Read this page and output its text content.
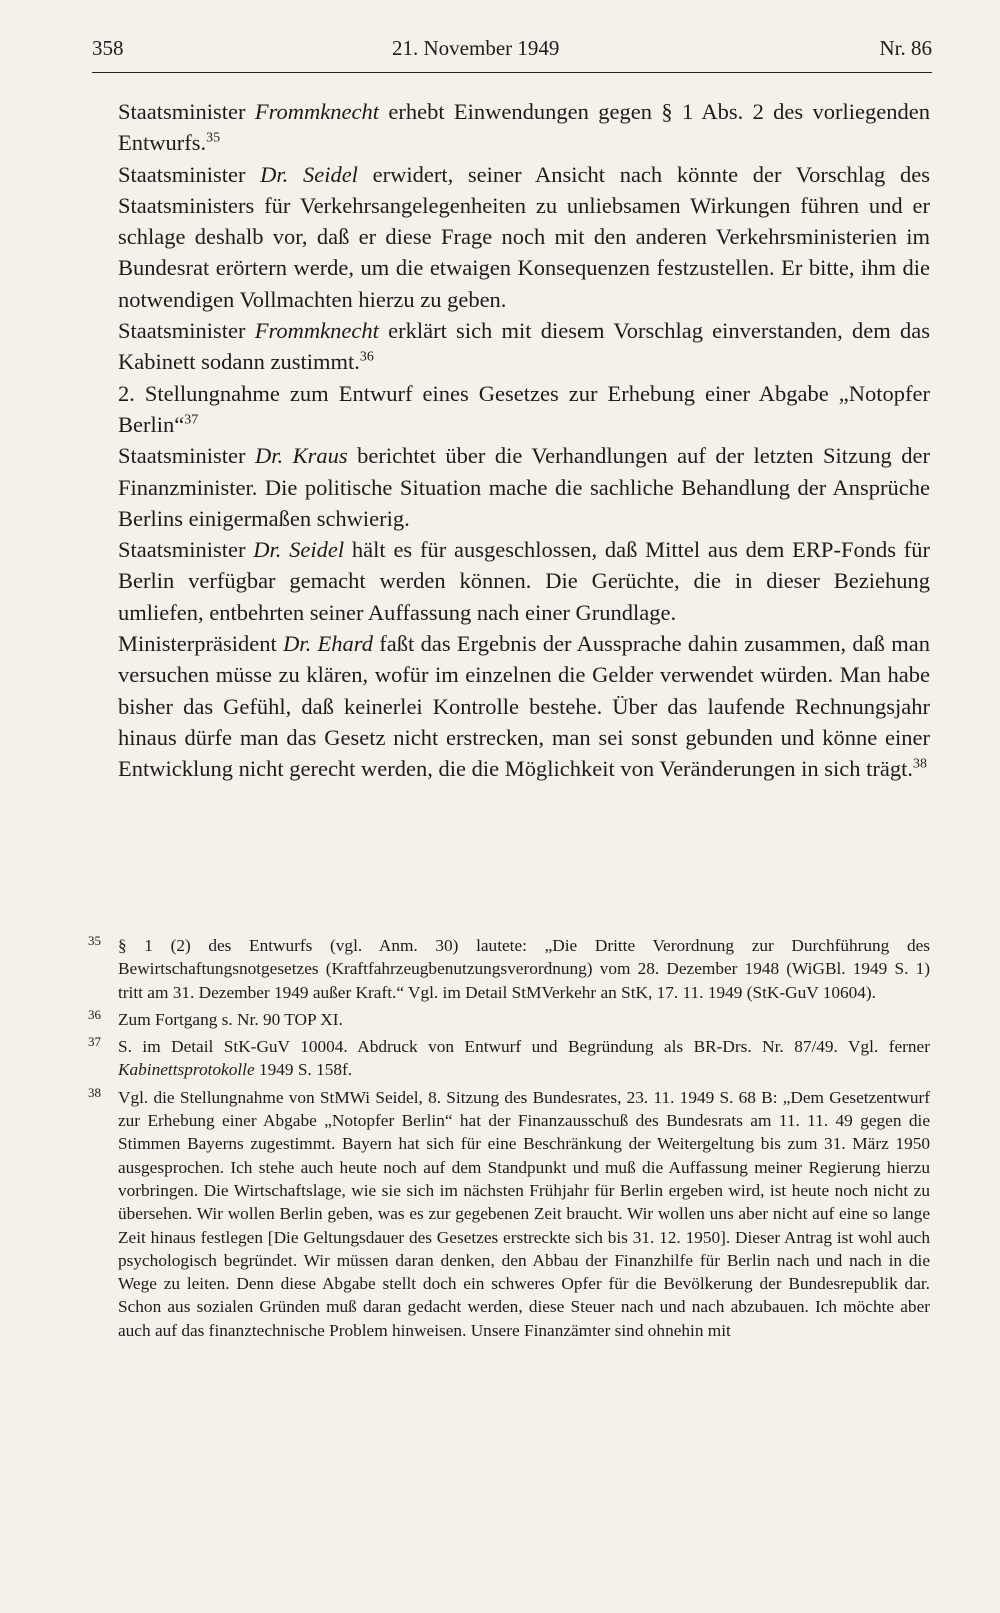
358	21. November 1949	Nr. 86

Staatsminister Frommknecht erhebt Einwendungen gegen § 1 Abs. 2 des vorliegenden Entwurfs.$^{35}$

Staatsminister Dr. Seidel erwidert, seiner Ansicht nach könnte der Vorschlag des Staatsministers für Verkehrsangelegenheiten zu unliebsamen Wirkungen führen und er schlage deshalb vor, daß er diese Frage noch mit den anderen Verkehrsministerien im Bundesrat erörtern werde, um die etwaigen Konsequenzen festzustellen. Er bitte, ihm die notwendigen Vollmachten hierzu zu geben.

Staatsminister Frommknecht erklärt sich mit diesem Vorschlag einverstanden, dem das Kabinett sodann zustimmt.$^{36}$

2. Stellungnahme zum Entwurf eines Gesetzes zur Erhebung einer Abgabe „Notopfer Berlin“$^{37}$

Staatsminister Dr. Kraus berichtet über die Verhandlungen auf der letzten Sitzung der Finanzminister. Die politische Situation mache die sachliche Behandlung der Ansprüche Berlins einigermaßen schwierig.

Staatsminister Dr. Seidel hält es für ausgeschlossen, daß Mittel aus dem ERP-Fonds für Berlin verfügbar gemacht werden können. Die Gerüchte, die in dieser Beziehung umliefen, entbehrten seiner Auffassung nach einer Grundlage.

Ministerpräsident Dr. Ehard faßt das Ergebnis der Aussprache dahin zusammen, daß man versuchen müsse zu klären, wofür im einzelnen die Gelder verwendet würden. Man habe bisher das Gefühl, daß keinerlei Kontrolle bestehe. Über das laufende Rechnungsjahr hinaus dürfe man das Gesetz nicht erstrecken, man sei sonst gebunden und könne einer Entwicklung nicht gerecht werden, die die Möglichkeit von Veränderungen in sich trägt.$^{38}$

35 § 1 (2) des Entwurfs (vgl. Anm. 30) lautete: „Die Dritte Verordnung zur Durchführung des Bewirtschaftungsnotgesetzes (Kraftfahrzeugbenutzungsverordnung) vom 28. Dezember 1948 (WiGBl. 1949 S. 1) tritt am 31. Dezember 1949 außer Kraft.“ Vgl. im Detail StMVerkehr an StK, 17. 11. 1949 (StK-GuV 10604).
36 Zum Fortgang s. Nr. 90 TOP XI.
37 S. im Detail StK-GuV 10004. Abdruck von Entwurf und Begründung als BR-Drs. Nr. 87/49. Vgl. ferner Kabinettsprotokolle 1949 S. 158f.
38 Vgl. die Stellungnahme von StMWi Seidel, 8. Sitzung des Bundesrates, 23. 11. 1949 S. 68 B: „Dem Gesetzentwurf zur Erhebung einer Abgabe „Notopfer Berlin“ hat der Finanzausschuß des Bundesrats am 11. 11. 49 gegen die Stimmen Bayerns zugestimmt. Bayern hat sich für eine Beschränkung der Weitergeltung bis zum 31. März 1950 ausgesprochen. Ich stehe auch heute noch auf dem Standpunkt und muß die Auffassung meiner Regierung hierzu vorbringen. Die Wirtschaftslage, wie sie sich im nächsten Frühjahr für Berlin ergeben wird, ist heute noch nicht zu übersehen. Wir wollen Berlin geben, was es zur gegebenen Zeit braucht. Wir wollen uns aber nicht auf eine so lange Zeit hinaus festlegen [Die Geltungsdauer des Gesetzes erstreckte sich bis 31. 12. 1950]. Dieser Antrag ist wohl auch psychologisch begründet. Wir müssen daran denken, den Abbau der Finanzhilfe für Berlin nach und nach in die Wege zu leiten. Denn diese Abgabe stellt doch ein schweres Opfer für die Bevölkerung der Bundesrepublik dar. Schon aus sozialen Gründen muß daran gedacht werden, diese Steuer nach und nach abzubauen. Ich möchte aber auch auf das finanztechnische Problem hinweisen. Unsere Finanzämter sind ohnehin mit
